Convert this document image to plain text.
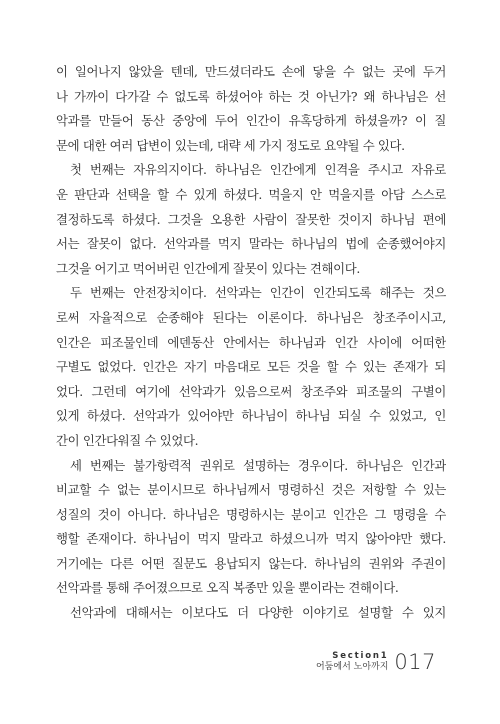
이 일어나지 않았을 텐데, 만드셨더라도 손에 닿을 수 없는 곳에 두거
나 가까이 다가갈 수 없도록 하셨어야 하는 것 아닌가? 왜 하나님은 선
악과를 만들어 동산 중앙에 두어 인간이 유혹당하게 하셨을까? 이 질
문에 대한 여러 답변이 있는데, 대략 세 가지 정도로 요약될 수 있다.
첫 번째는 자유의지이다. 하나님은 인간에게 인격을 주시고 자유로
운 판단과 선택을 할 수 있게 하셨다. 먹을지 안 먹을지를 아담 스스로
결정하도록 하셨다. 그것을 오용한 사람이 잘못한 것이지 하나님 편에
서는 잘못이 없다. 선악과를 먹지 말라는 하나님의 법에 순종했어야지
그것을 어기고 먹어버린 인간에게 잘못이 있다는 견해이다.
두 번째는 안전장치이다. 선악과는 인간이 인간되도록 해주는 것으
로써 자율적으로 순종해야 된다는 이론이다. 하나님은 창조주이시고,
인간은 피조물인데 에덴동산 안에서는 하나님과 인간 사이에 어떠한
구별도 없었다. 인간은 자기 마음대로 모든 것을 할 수 있는 존재가 되
었다. 그런데 여기에 선악과가 있음으로써 창조주와 피조물의 구별이
있게 하셨다. 선악과가 있어야만 하나님이 하나님 되실 수 있었고, 인
간이 인간다워질 수 있었다.
세 번째는 불가항력적 권위로 설명하는 경우이다. 하나님은 인간과
비교할 수 없는 분이시므로 하나님께서 명령하신 것은 저항할 수 있는
성질의 것이 아니다. 하나님은 명령하시는 분이고 인간은 그 명령을 수
행할 존재이다. 하나님이 먹지 말라고 하셨으니까 먹지 않아야만 했다.
거기에는 다른 어떤 질문도 용납되지 않는다. 하나님의 권위와 주권이
선악과를 통해 주어졌으므로 오직 복종만 있을 뿐이라는 견해이다.
선악과에 대해서는 이보다도 더 다양한 이야기로 설명할 수 있지
Section1
어둠에서 노아까지 017
